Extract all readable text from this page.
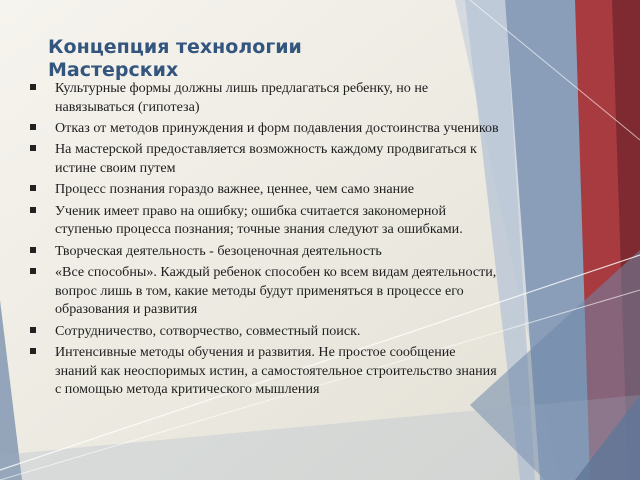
Концепция технологии Мастерских
Культурные формы должны лишь предлагаться ребенку, но не навязываться (гипотеза)
Отказ от методов принуждения и форм подавления достоинства учеников
На мастерской предоставляется возможность каждому продвигаться к истине своим путем
Процесс познания гораздо важнее, ценнее, чем само знание
Ученик имеет право на ошибку; ошибка считается закономерной ступенью процесса познания; точные знания следуют за ошибками.
Творческая деятельность - безоценочная деятельность
«Все способны». Каждый ребенок способен ко всем видам деятельности, вопрос лишь в том, какие методы будут применяться в процессе его образования и развития
Сотрудничество, сотворчество, совместный поиск.
Интенсивные методы обучения и развития. Не простое сообщение знаний как неоспоримых истин, а самостоятельное строительство знания с помощью метода критического мышления
